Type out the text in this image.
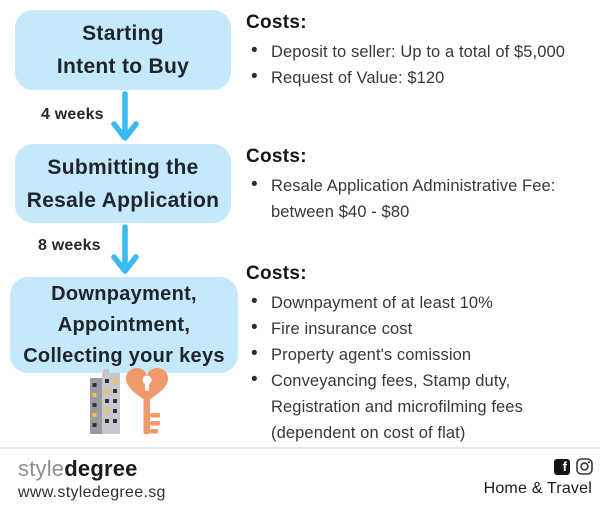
Starting
Intent to Buy
4 weeks
Submitting the
Resale Application
8 weeks
Downpayment,
Appointment,
Collecting your keys
Costs:
• Deposit to seller: Up to a total of $5,000
• Request of Value: $120
Costs:
• Resale Application Administrative Fee: between $40 - $80
Costs:
• Downpayment of at least 10%
• Fire insurance cost
• Property agent's comission
• Conveyancing fees, Stamp duty, Registration and microfilming fees (dependent on cost of flat)
styledegree
www.styledegree.sg
f
Home & Travel
